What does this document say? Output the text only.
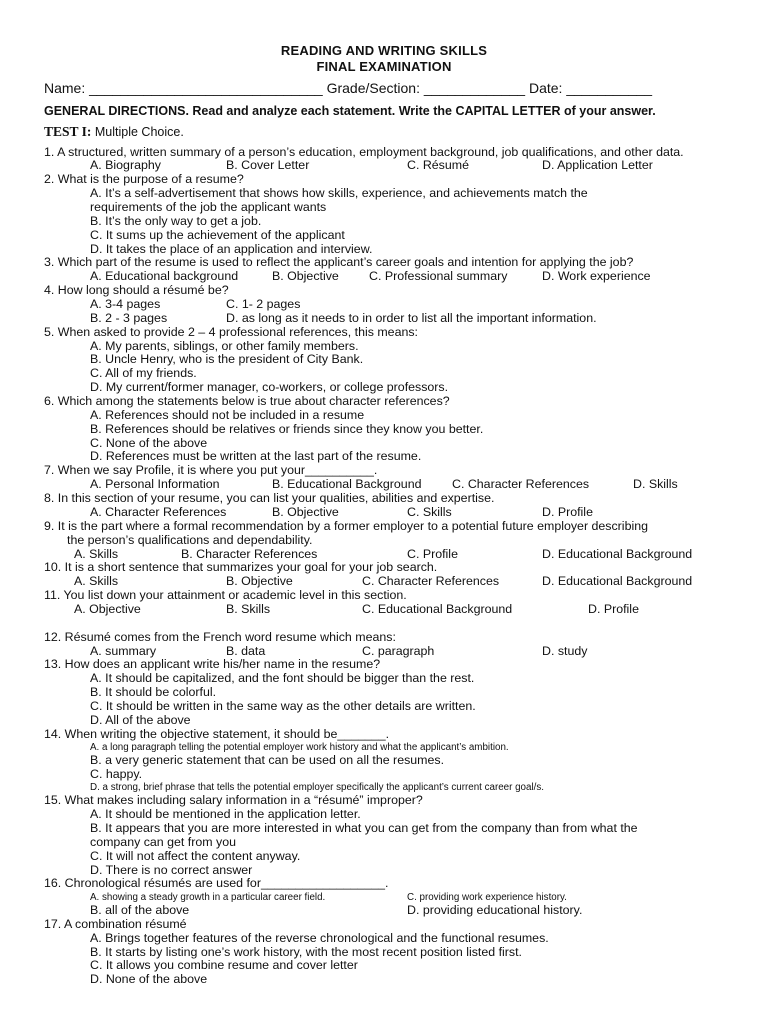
READING AND WRITING SKILLS
FINAL EXAMINATION
Name: ______________________________ Grade/Section: _____________ Date: ___________
GENERAL DIRECTIONS. Read and analyze each statement. Write the CAPITAL LETTER of your answer.
TEST I: Multiple Choice.
1. A structured, written summary of a person’s education, employment background, job qualifications, and other data.
A. Biography	B. Cover Letter	C. Résumé	D. Application Letter
2. What is the purpose of a resume?
A. It’s a self-advertisement that shows how skills, experience, and achievements match the
requirements of the job the applicant wants
B. It’s the only way to get a job.
C. It sums up the achievement of the applicant
D. It takes the place of an application and interview.
3. Which part of the resume is used to reflect the applicant’s career goals and intention for applying the job?
A. Educational background	B. Objective C. Professional summary	D. Work experience
4. How long should a résumé be?
A. 3-4 pages	C. 1- 2 pages
B. 2 - 3 pages	D. as long as it needs to in order to list all the important information.
5. When asked to provide 2 – 4 professional references, this means:
A. My parents, siblings, or other family members.
B. Uncle Henry, who is the president of City Bank.
C. All of my friends.
D. My current/former manager, co-workers, or college professors.
6. Which among the statements below is true about character references?
A. References should not be included in a resume
B. References should be relatives or friends since they know you better.
C. None of the above
D. References must be written at the last part of the resume.
7. When we say Profile, it is where you put your__________.
A. Personal Information	B. Educational Background C. Character References	D. Skills
8. In this section of your resume, you can list your qualities, abilities and expertise.
A. Character References	B. Objective	C. Skills	D. Profile
9. It is the part where a formal recommendation by a former employer to a potential future employer describing
the person’s qualifications and dependability.
A. Skills	B. Character References	C. Profile	D. Educational Background
10. It is a short sentence that summarizes your goal for your job search.
A. Skills	B. Objective	C. Character References	D. Educational Background
11. You list down your attainment or academic level in this section.
A. Objective	B. Skills	C. Educational Background	D. Profile
12. Résumé comes from the French word resume which means:
A. summary	B. data	C. paragraph	D. study
13. How does an applicant write his/her name in the resume?
A. It should be capitalized, and the font should be bigger than the rest.
B. It should be colorful.
C. It should be written in the same way as the other details are written.
D. All of the above
14. When writing the objective statement, it should be_______.
A. a long paragraph telling the potential employer work history and what the applicant’s ambition.
B. a very generic statement that can be used on all the resumes.
C. happy.
D. a strong, brief phrase that tells the potential employer specifically the applicant’s current career goal/s.
15. What makes including salary information in a “résumé” improper?
A. It should be mentioned in the application letter.
B. It appears that you are more interested in what you can get from the company than from what the
company can get from you
C. It will not affect the content anyway.
D. There is no correct answer
16. Chronological résumés are used for__________________.
A. showing a steady growth in a particular career field.	C. providing work experience history.
B. all of the above	D. providing educational history.
17. A combination résumé
A. Brings together features of the reverse chronological and the functional resumes.
B. It starts by listing one’s work history, with the most recent position listed first.
C. It allows you combine resume and cover letter
D. None of the above
